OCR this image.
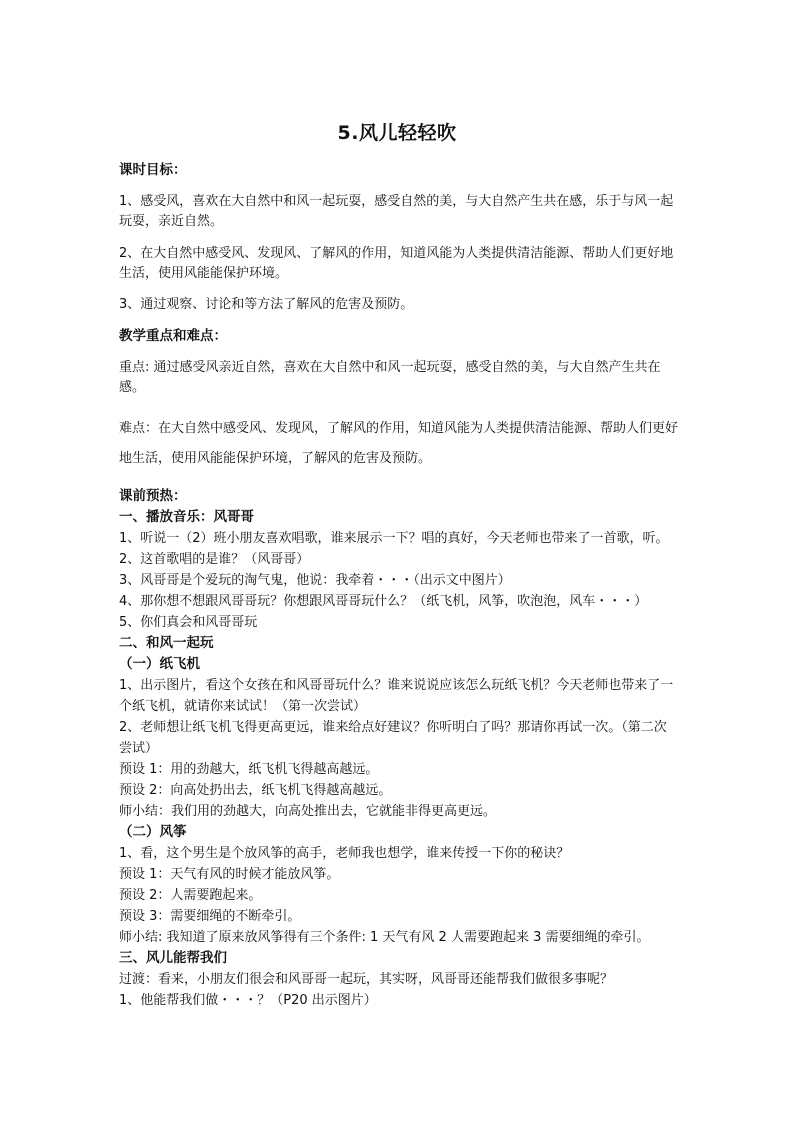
5.风儿轻轻吹

课时目标：

1、感受风，喜欢在大自然中和风一起玩耍，感受自然的美，与大自然产生共在感，乐于与风一起玩耍，亲近自然。

2、在大自然中感受风、发现风、了解风的作用，知道风能为人类提供清洁能源、帮助人们更好地生活，使用风能能保护环境。

3、通过观察、讨论和等方法了解风的危害及预防。

教学重点和难点：

重点: 通过感受风亲近自然，喜欢在大自然中和风一起玩耍，感受自然的美，与大自然产生共在感。

难点：在大自然中感受风、发现风，了解风的作用，知道风能为人类提供清洁能源、帮助人们更好地生活，使用风能能保护环境，了解风的危害及预防。

课前预热：

一、播放音乐：风哥哥

1、听说一（2）班小朋友喜欢唱歌，谁来展示一下？唱的真好，今天老师也带来了一首歌，听。

2、这首歌唱的是谁？（风哥哥）

3、风哥哥是个爱玩的淘气鬼，他说：我牵着・・・（出示文中图片）

4、那你想不想跟风哥哥玩？你想跟风哥哥玩什么？（纸飞机，风筝，吹泡泡，风车・・・）

5、你们真会和风哥哥玩

二、和风一起玩

（一）纸飞机

1、出示图片，看这个女孩在和风哥哥玩什么？谁来说说应该怎么玩纸飞机？今天老师也带来了一个纸飞机，就请你来试试！（第一次尝试）

2、老师想让纸飞机飞得更高更远，谁来给点好建议？你听明白了吗？那请你再试一次。（第二次尝试）

预设 1：用的劲越大，纸飞机飞得越高越远。

预设 2：向高处扔出去，纸飞机飞得越高越远。

师小结：我们用的劲越大，向高处推出去，它就能非得更高更远。

（二）风筝

1、看，这个男生是个放风筝的高手，老师我也想学，谁来传授一下你的秘诀？

预设 1：天气有风的时候才能放风筝。

预设 2：人需要跑起来。

预设 3：需要细绳的不断牵引。

师小结: 我知道了原来放风筝得有三个条件: 1 天气有风 2 人需要跑起来 3 需要细绳的牵引。

三、风儿能帮我们

过渡：看来，小朋友们很会和风哥哥一起玩，其实呀，风哥哥还能帮我们做很多事呢？

1、他能帮我们做・・・？（P20 出示图片）
